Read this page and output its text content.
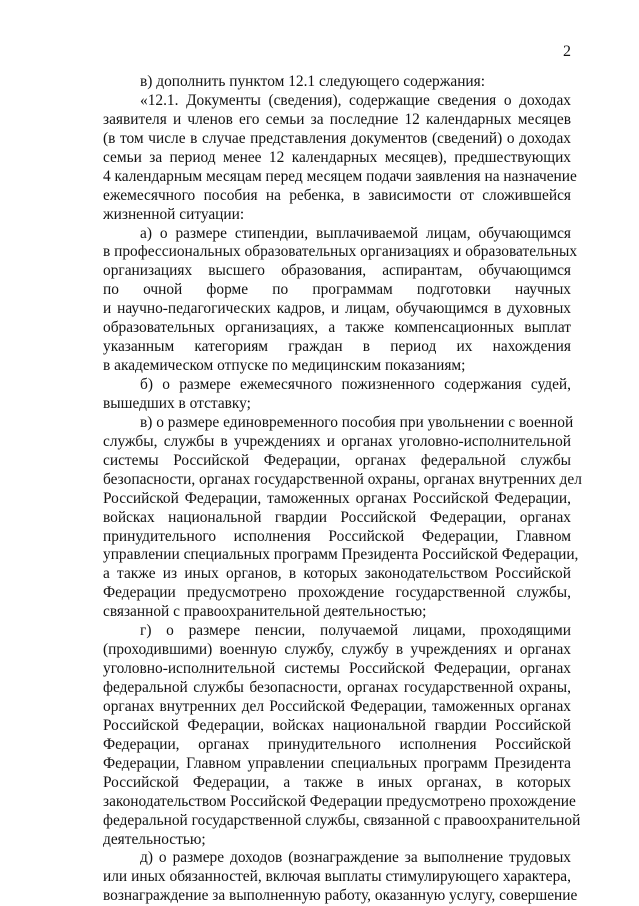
2
в) дополнить пунктом 12.1 следующего содержания:
«12.1. Документы (сведения), содержащие сведения о доходах
заявителя и членов его семьи за последние 12 календарных месяцев
(в том числе в случае представления документов (сведений) о доходах
семьи за период менее 12 календарных месяцев), предшествующих
4 календарным месяцам перед месяцем подачи заявления на назначение
ежемесячного пособия на ребенка, в зависимости от сложившейся
жизненной ситуации:
а) о размере стипендии, выплачиваемой лицам, обучающимся
в профессиональных образовательных организациях и образовательных
организациях высшего образования, аспирантам, обучающимся
по очной форме по программам подготовки научных
и научно-педагогических кадров, и лицам, обучающимся в духовных
образовательных организациях, а также компенсационных выплат
указанным категориям граждан в период их нахождения
в академическом отпуске по медицинским показаниям;
б) о размере ежемесячного пожизненного содержания судей,
вышедших в отставку;
в) о размере единовременного пособия при увольнении с военной
службы, службы в учреждениях и органах уголовно-исполнительной
системы Российской Федерации, органах федеральной службы
безопасности, органах государственной охраны, органах внутренних дел
Российской Федерации, таможенных органах Российской Федерации,
войсках национальной гвардии Российской Федерации, органах
принудительного исполнения Российской Федерации, Главном
управлении специальных программ Президента Российской Федерации,
а также из иных органов, в которых законодательством Российской
Федерации предусмотрено прохождение государственной службы,
связанной с правоохранительной деятельностью;
г) о размере пенсии, получаемой лицами, проходящими
(проходившими) военную службу, службу в учреждениях и органах
уголовно-исполнительной системы Российской Федерации, органах
федеральной службы безопасности, органах государственной охраны,
органах внутренних дел Российской Федерации, таможенных органах
Российской Федерации, войсках национальной гвардии Российской
Федерации, органах принудительного исполнения Российской
Федерации, Главном управлении специальных программ Президента
Российской Федерации, а также в иных органах, в которых
законодательством Российской Федерации предусмотрено прохождение
федеральной государственной службы, связанной с правоохранительной
деятельностью;
д) о размере доходов (вознаграждение за выполнение трудовых
или иных обязанностей, включая выплаты стимулирующего характера,
вознаграждение за выполненную работу, оказанную услугу, совершение
